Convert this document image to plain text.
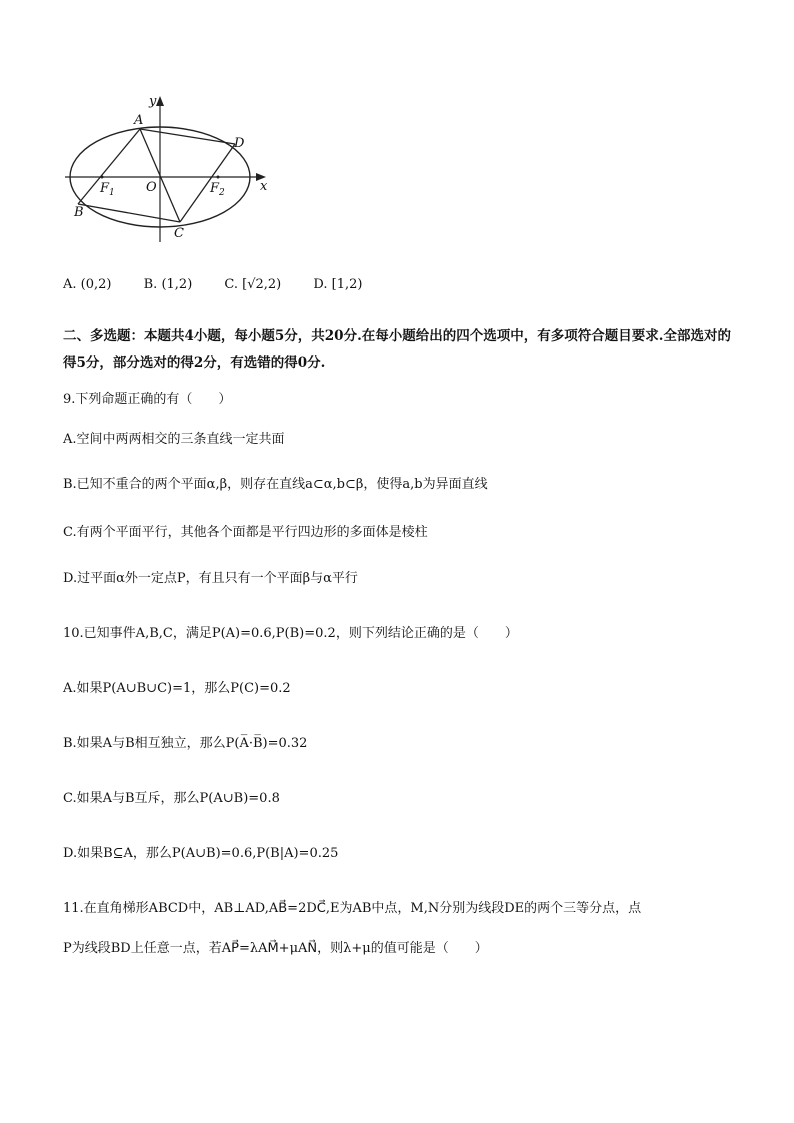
y
x
A
B
C
D
O
$F_1$	$F_2$
A. (0,2) B. (1,2) C. [√2,2) D. [1,2)
二、多选题：本题共4小题，每小题5分，共20分.在每小题给出的四个选项中，有多项符合题目要求.全部选对的得5分，部分选对的得2分，有选错的得0分.
9.下列命题正确的有（　　）
A.空间中两两相交的三条直线一定共面
B.已知不重合的两个平面α,β，则存在直线a⊂α,b⊂β，使得a,b为异面直线
C.有两个平面平行，其他各个面都是平行四边形的多面体是棱柱
D.过平面α外一定点P，有且只有一个平面β与α平行
10.已知事件A,B,C，满足P(A)=0.6,P(B)=0.2，则下列结论正确的是（　　）
A.如果P(A∪B∪C)=1，那么P(C)=0.2
B.如果A与B相互独立，那么P(A̅·B̅)=0.32
C.如果A与B互斥，那么P(A∪B)=0.8
D.如果B⊆A，那么P(A∪B)=0.6,P(B|A)=0.25
11.在直角梯形ABCD中，AB⊥AD,AB⃗=2DC⃗,E为AB中点，M,N分别为线段DE的两个三等分点，点
P为线段BD上任意一点，若AP⃗=λAM⃗+μAN⃗，则λ+μ的值可能是（　　）
